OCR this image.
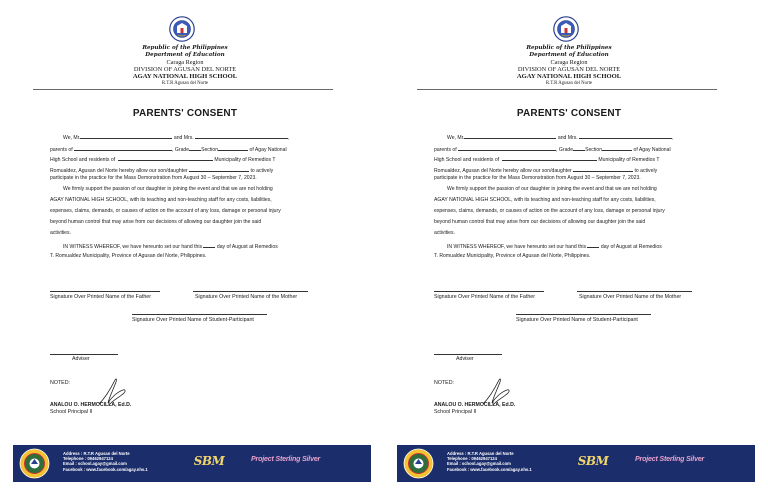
Republic of the Philippines
Department of Education
Caraga Region
DIVISION OF AGUSAN DEL NORTE
AGAY NATIONAL HIGH SCHOOL
R.T.R Agusan del Norte
PARENTS' CONSENT
We, Mr.	and Mrs.	,
parents of	, Grade Section	of Agay National
High School and residents of	Municipality of Remedios T
Romualdez, Agusan del Norte hereby allow our son/daughter	to actively
participate in the practice for the Mass Demonstration from August 30 – September 7, 2023.
We firmly support the passion of our daughter in joining the event and that we are not holding
AGAY NATIONAL HIGH SCHOOL, with its teaching and non-teaching staff for any costs, liabilities,
expenses, claims, demands, or causes of action on the account of any loss, damage or personal injury
beyond human control that may arise from our decisions of allowing our daughter join the said
activities.
IN WITNESS WHEREOF, we have hereunto set our hand this	day of August at Remedios
T. Romualdez Municipality, Province of Agusan del Norte, Philippines.
Signature Over Printed Name of the Father	Signature Over Printed Name of the Mother
Signature Over Printed Name of Student-Participant
Adviser
NOTED:
ANALOU O. HERMOCILLA, Ed.D.
School Principal II
Address : R.T.R Agusan del Norte
Telephone : 09462947124
Email : school.agay@gmail.com
Facebook : www.facebook.com/agay.nhs.1
SBM	Project Sterling Silver
Republic of the Philippines
Department of Education
Caraga Region
DIVISION OF AGUSAN DEL NORTE
AGAY NATIONAL HIGH SCHOOL
R.T.R Agusan del Norte
PARENTS' CONSENT
We, Mr.	and Mrs.	,
parents of	, Grade Section	of Agay National
High School and residents of	Municipality of Remedios T
Romualdez, Agusan del Norte hereby allow our son/daughter	to actively
participate in the practice for the Mass Demonstration from August 30 – September 7, 2023.
We firmly support the passion of our daughter in joining the event and that we are not holding
AGAY NATIONAL HIGH SCHOOL, with its teaching and non-teaching staff for any costs, liabilities,
expenses, claims, demands, or causes of action on the account of any loss, damage or personal injury
beyond human control that may arise from our decisions of allowing our daughter join the said
activities.
IN WITNESS WHEREOF, we have hereunto set our hand this	day of August at Remedios
T. Romualdez Municipality, Province of Agusan del Norte, Philippines.
Signature Over Printed Name of the Father	Signature Over Printed Name of the Mother
Signature Over Printed Name of Student-Participant
Adviser
NOTED:
ANALOU O. HERMOCILLA, Ed.D.
School Principal II
Address : R.T.R Agusan del Norte
Telephone : 09462947124
Email : school.agay@gmail.com
Facebook : www.facebook.com/agay.nhs.1
SBM	Project Sterling Silver
